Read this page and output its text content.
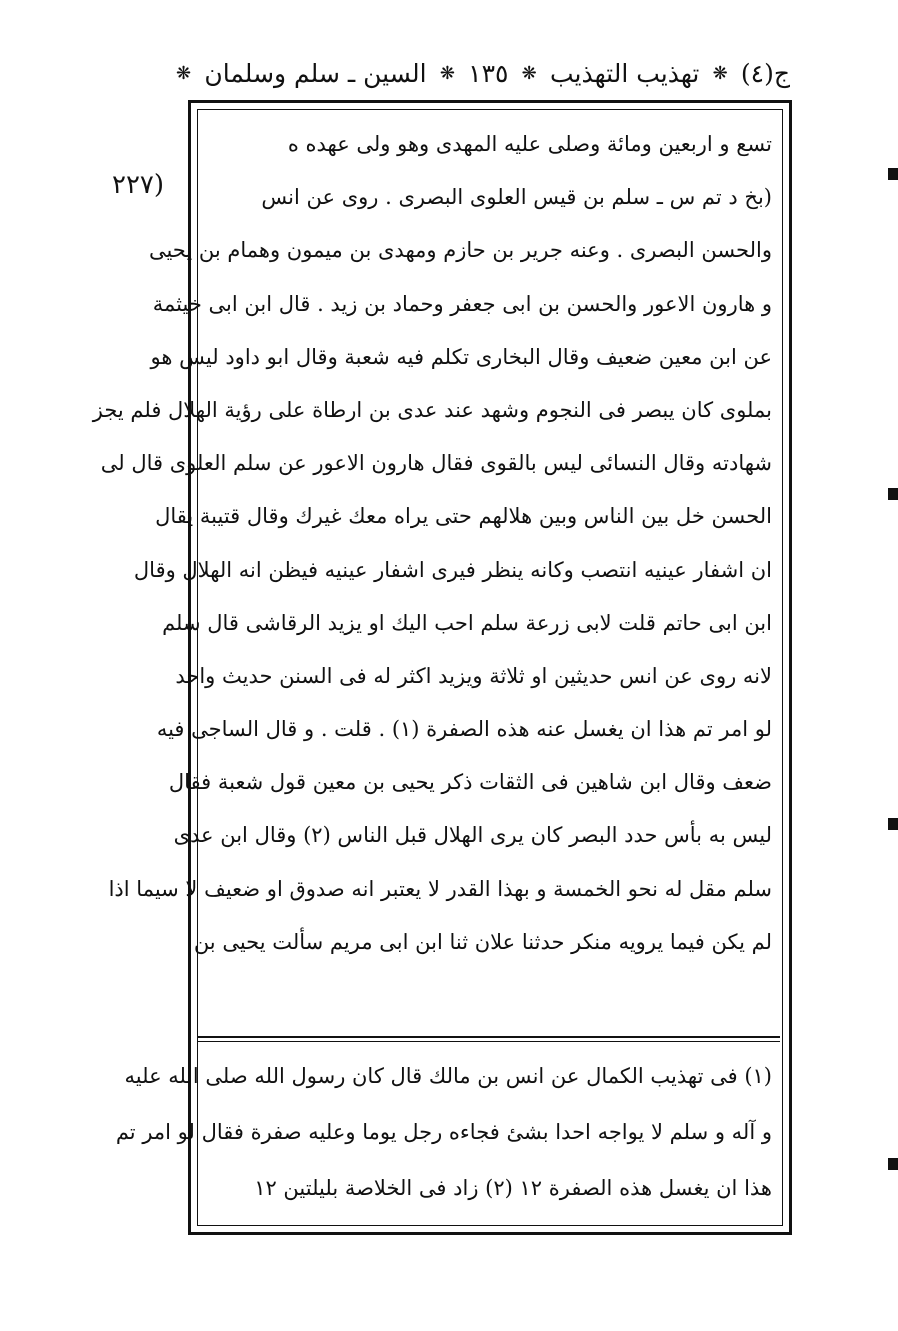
ج(٤)
❋
تهذيب التهذيب
❋
١٣٥
❋
السين ـ سلم وسلمان
❋
(٢٢٧
تسع و اربعين ومائة وصلى عليه المهدى وهو ولى عهده ه
(بخ د تم س ـ سلم بن قيس العلوى البصرى . روى عن انس
والحسن البصرى . وعنه جرير بن حازم ومهدى بن ميمون وهمام بن يحيى
و هارون الاعور والحسن بن ابى جعفر وحماد بن زيد . قال ابن ابى خيثمة
عن ابن معين ضعيف وقال البخارى تكلم فيه شعبة وقال ابو داود ليس هو
بملوى كان يبصر فى النجوم وشهد عند عدى بن ارطاة على رؤية الهلال فلم يجز
شهادته وقال النسائى ليس بالقوى فقال هارون الاعور عن سلم العلوى قال لى
الحسن خل بين الناس وبين هلالهم حتى يراه معك غيرك وقال قتيبة يقال
ان اشفار عينيه انتصب وكانه ينظر فيرى اشفار عينيه فيظن انه الهلال وقال
ابن ابى حاتم قلت لابى زرعة سلم احب اليك او يزيد الرقاشى قال سلم
لانه روى عن انس حديثين او ثلاثة ويزيد اكثر له فى السنن حديث واحد
لو امر تم هذا ان يغسل عنه هذه الصفرة (١) . قلت . و قال الساجى فيه
ضعف وقال ابن شاهين فى الثقات ذكر يحيى بن معين قول شعبة فقال
ليس به بأس حدد البصر كان يرى الهلال قبل الناس (٢) وقال ابن عدى
سلم مقل له نحو الخمسة و بهذا القدر لا يعتبر انه صدوق او ضعيف لا سيما اذا
لم يكن فيما يرويه منكر حدثنا علان ثنا ابن ابى مريم سألت يحيى بن
(١) فى تهذيب الكمال عن انس بن مالك قال كان رسول الله صلى الله عليه
و آله و سلم لا يواجه احدا بشئ فجاءه رجل يوما وعليه صفرة فقال لو امر تم
هذا ان يغسل هذه الصفرة ١٢ (٢) زاد فى الخلاصة بليلتين ١٢
